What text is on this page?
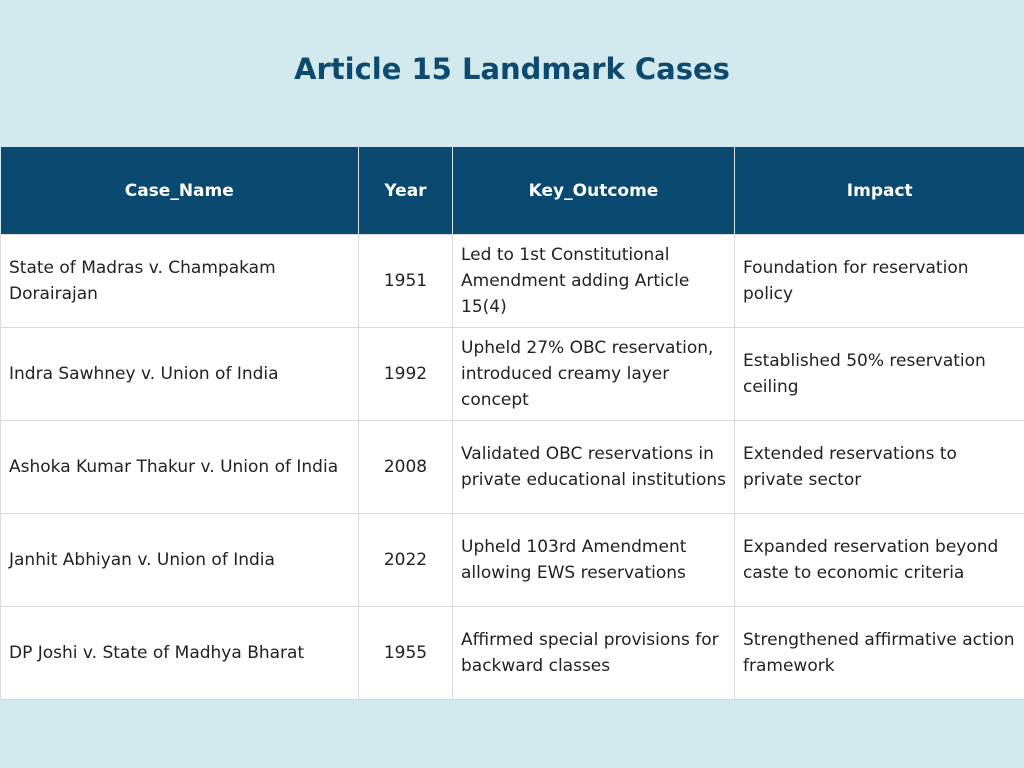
Article 15 Landmark Cases
Case_Name	Year	Key_Outcome	Impact
State of Madras v. Champakam Dorairajan	1951	Led to 1st Constitutional Amendment adding Article 15(4)	Foundation for reservation policy
Indra Sawhney v. Union of India	1992	Upheld 27% OBC reservation, introduced creamy layer concept	Established 50% reservation ceiling
Ashoka Kumar Thakur v. Union of India	2008	Validated OBC reservations in private educational institutions	Extended reservations to private sector
Janhit Abhiyan v. Union of India	2022	Upheld 103rd Amendment allowing EWS reservations	Expanded reservation beyond caste to economic criteria
DP Joshi v. State of Madhya Bharat	1955	Affirmed special provisions for backward classes	Strengthened affirmative action framework
